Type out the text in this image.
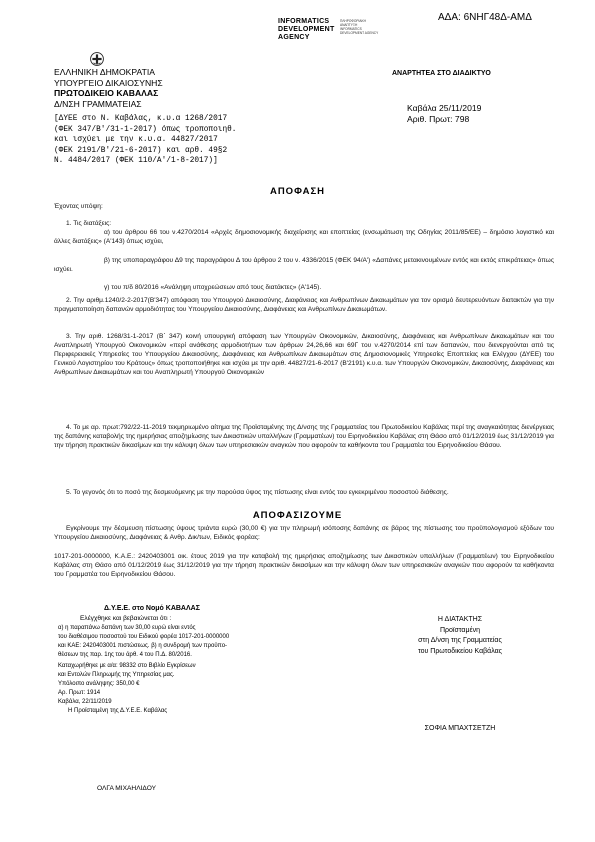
ΑΔΑ: 6ΝΗΓ48Δ-ΑΜΔ
INFORMATICS
DEVELOPMENT
AGENCY
ΠΛΗΡΟΦΟΡΙΑΚΗ
ΑΝΑΠΤΥΞΗ
INFORMATICS
DEVELOPMENT AGENCY
ΕΛΛΗΝΙΚΗ ΔΗΜΟΚΡΑΤΙΑ
ΥΠΟΥΡΓΕΙΟ ΔΙΚΑΙΟΣΥΝΗΣ
ΠΡΩΤΟΔΙΚΕΙΟ ΚΑΒΑΛΑΣ
Δ/ΝΣΗ ΓΡΑΜΜΑΤΕΙΑΣ
ΑΝΑΡΤΗΤΕΑ ΣΤΟ ΔΙΑΔΙΚΤΥΟ
Καβάλα 25/11/2019
Αριθ. Πρωτ: 798
[ΔΥΕΕ στο Ν. Καβάλας, κ.υ.α 1268/2017
(ΦΕΚ 347/Β'/31-1-2017) όπως τροποποιηθ.
και ισχύει με την κ.υ.α. 44827/2017
(ΦΕΚ 2191/Β'/21-6-2017) και αρθ. 49§2
Ν. 4484/2017 (ΦΕΚ 110/Α'/1-8-2017)]
ΑΠΟΦΑΣΗ
Έχοντας υπόψη:
1. Τις διατάξεις:
α) του άρθρου 66 του ν.4270/2014 «Αρχές δημοσιονομικής διαχείρισης και εποπτείας (ενσωμάτωση της Οδηγίας 2011/85/ΕΕ) – δημόσιο λογιστικό και άλλες διατάξεις» (Α'143) όπως ισχύει,
β) της υποπαραγράφου Δ9 της παραγράφου Δ του άρθρου 2 του ν. 4336/2015 (ΦΕΚ 94/Α') «Δαπάνες μετακινουμένων εντός και εκτός επικράτειας» όπως ισχύει.
γ) του π/δ 80/2016 «Ανάληψη υποχρεώσεων από τους διατάκτες» (Α'145).
2. Την αριθμ.1240/2-2-2017(Β'347) απόφαση του Υπουργού Δικαιοσύνης, Διαφάνειας και Ανθρωπίνων Δικαιωμάτων για τον ορισμό δευτερευόντων διατακτών για την πραγματοποίηση δαπανών αρμοδιότητας του Υπουργείου Δικαιοσύνης, Διαφάνειας και Ανθρωπίνων Δικαιωμάτων.
3. Την αριθ. 1268/31-1-2017 (Β΄ 347) κοινή υπουργική απόφαση των Υπουργών Οικονομικών, Δικαιοσύνης, Διαφάνειας και Ανθρωπίνων Δικαιωμάτων και του Αναπληρωτή Υπουργού Οικονομικών «περί ανάθεσης αρμοδιοτήτων των άρθρων 24,26,66 και 69Γ του ν.4270/2014 επί των δαπανών, που διενεργούνται από τις Περιφερειακές Υπηρεσίες του Υπουργείου Δικαιοσύνης, Διαφάνειας και Ανθρωπίνων Δικαιωμάτων στις Δημοσιονομικές Υπηρεσίες Εποπτείας και Ελέγχου (ΔΥΕΕ) του Γενικού Λογιστηρίου του Κράτους» όπως τροποποιήθηκε και ισχύει με την αριθ. 44827/21-6-2017 (Β'2191) κ.υ.α. των Υπουργών Οικονομικών, Δικαιοσύνης, Διαφάνειας και Ανθρωπίνων Δικαιωμάτων και του Αναπληρωτή Υπουργού Οικονομικών
4. Το με αρ. πρωτ:792/22-11-2019 τεκμηριωμένο αίτημα της Προϊσταμένης της Δ/νσης της Γραμματείας του Πρωτοδικείου Καβάλας περί της αναγκαιότητας διενέργειας της δαπάνης καταβολής της ημερήσιας αποζημίωσης των Δικαστικών υπαλλήλων (Γραμματέων) του Ειρηνοδικείου Καβάλας στη Θάσο από 01/12/2019 έως 31/12/2019 για την τήρηση πρακτικών δικασίμων και την κάλυψη όλων των υπηρεσιακών αναγκών που αφορούν τα καθήκοντα του Γραμματέα του Ειρηνοδικείου Θάσου.
5. Το γεγονός ότι το ποσό της δεσμευόμενης με την παρούσα ύψος της πίστωσης είναι εντός του εγκεκριμένου ποσοστού διάθεσης.
ΑΠΟΦΑΣΙΖΟΥΜΕ
Εγκρίνουμε την δέσμευση πίστωσης ύψους τριάντα ευρώ (30,00 €) για την πληρωμή ισόποσης δαπάνης σε βάρος της πίστωσης του προϋπολογισμού εξόδων του Υπουργείου Δικαιοσύνης, Διαφάνειας & Ανθρ. Δικ/των, Ειδικός φορέας:
1017-201-0000000, Κ.Α.Ε.: 2420403001 οικ. έτους 2019 για την καταβολή της ημερήσιας αποζημίωσης των Δικαστικών υπαλλήλων (Γραμματέων) του Ειρηνοδικείου Καβάλας στη Θάσο από 01/12/2019 έως 31/12/2019 για την τήρηση πρακτικών δικασίμων και την κάλυψη όλων των υπηρεσιακών αναγκών που αφορούν τα καθήκοντα του Γραμματέα του Ειρηνοδικείου Θάσου.
Δ.Υ.Ε.Ε. στο Νομό ΚΑΒΑΛΑΣ
Ελέγχθηκε και βεβαιώνεται ότι :
α) η παραπάνω δαπάνη των 30,00 ευρώ είναι εντός
του διαθέσιμου ποσοστού του Ειδικού φορέα 1017-201-0000000
και ΚΑΕ: 2420403001 πιστώσεως. β) η συνδρομή των προϋπο-
θέσεων της παρ. 1ης του άρθ. 4 του Π.Δ. 80/2016.
Καταχωρήθηκε με α/α: 98332 στο Βιβλίο Εγκρίσεων
και Εντολών Πληρωμής της Υπηρεσίας μας.
Υπόλοιπο ανάληψης: 350,00 €
Αρ. Πρωτ: 1914
Καβάλα, 22/11/2019
Η Προϊσταμένη της Δ.Υ.Ε.Ε. Καβάλας
ΟΛΓΑ ΜΙΧΑΗΛΙΔΟΥ
Η ΔΙΑΤΑΚΤΗΣ
Προϊσταμένη
στη Δ/νση της Γραμματείας
του Πρωτοδικείου Καβάλας
ΣΟΦΙΑ ΜΠΑΧΤΣΕΤΖΗ
